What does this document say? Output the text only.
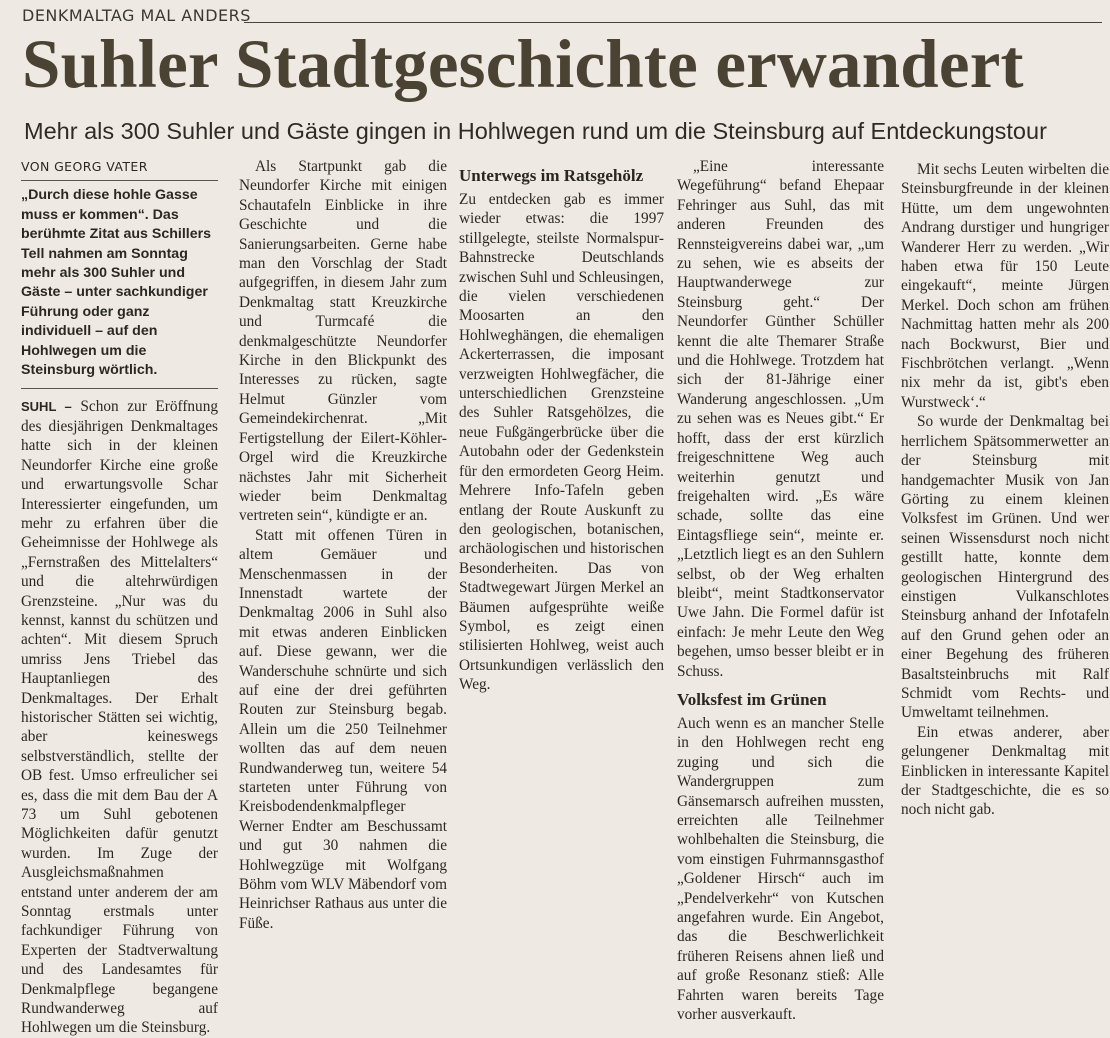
DENKMALTAG MAL ANDERS
Suhler Stadtgeschichte erwandert
Mehr als 300 Suhler und Gäste gingen in Hohlwegen rund um die Steinsburg auf Entdeckungstour
VON GEORG VATER
„Durch diese hohle Gasse muss er kommen“. Das berühmte Zitat aus Schillers Tell nahmen am Sonntag mehr als 300 Suhler und Gäste – unter sachkundiger Führung oder ganz individuell – auf den Hohlwegen um die Steinsburg wörtlich.

SUHL – Schon zur Eröffnung des diesjährigen Denkmaltages hatte sich in der kleinen Neundorfer Kirche eine große und erwartungsvolle Schar Interessierter eingefunden, um mehr zu erfahren über die Geheimnisse der Hohlwege als „Fernstraßen des Mittelalters“ und die altehrwürdigen Grenzsteine. „Nur was du kennst, kannst du schützen und achten“. Mit diesem Spruch umriss Jens Triebel das Hauptanliegen des Denkmaltages. Der Erhalt historischer Stätten sei wichtig, aber keineswegs selbstverständlich, stellte der OB fest. Umso erfreulicher sei es, dass die mit dem Bau der A 73 um Suhl gebotenen Möglichkeiten dafür genutzt wurden. Im Zuge der Ausgleichsmaßnahmen entstand unter anderem der am Sonntag erstmals unter fachkundiger Führung von Experten der Stadtverwaltung und des Landesamtes für Denkmalpflege begangene Rundwanderweg auf Hohlwegen um die Steinsburg.

Als Startpunkt gab die Neundorfer Kirche mit einigen Schautafeln Einblicke in ihre Geschichte und die Sanierungsarbeiten. Gerne habe man den Vorschlag der Stadt aufgegriffen, in diesem Jahr zum Denkmaltag statt Kreuzkirche und Turmcafé die denkmalgeschützte Neundorfer Kirche in den Blickpunkt des Interesses zu rücken, sagte Helmut Günzler vom Gemeindekirchenrat. „Mit Fertigstellung der Eilert-Köhler-Orgel wird die Kreuzkirche nächstes Jahr mit Sicherheit wieder beim Denkmaltag vertreten sein“, kündigte er an.

Statt mit offenen Türen in altem Gemäuer und Menschenmassen in der Innenstadt wartete der Denkmaltag 2006 in Suhl also mit etwas anderen Einblicken auf. Diese gewann, wer die Wanderschuhe schnürte und sich auf eine der drei geführten Routen zur Steinsburg begab. Allein um die 250 Teilnehmer wollten das auf dem neuen Rundwanderweg tun, weitere 54 starteten unter Führung von Kreisbodendenkmalpfleger Werner Endter am Beschussamt und gut 30 nahmen die Hohlwegzüge mit Wolfgang Böhm vom WLV Mäbendorf vom Heinrichser Rathaus aus unter die Füße.

Unterwegs im Ratsgehölz

Zu entdecken gab es immer wieder etwas: die 1997 stillgelegte, steilste Normalspur-Bahnstrecke Deutschlands zwischen Suhl und Schleusingen, die vielen verschiedenen Moosarten an den Hohlweghängen, die ehemaligen Ackerterrassen, die imposant verzweigten Hohlwegfächer, die unterschiedlichen Grenzsteine des Suhler Ratsgehölzes, die neue Fußgängerbrücke über die Autobahn oder der Gedenkstein für den ermordeten Georg Heim. Mehrere Info-Tafeln geben entlang der Route Auskunft zu den geologischen, botanischen, archäologischen und historischen Besonderheiten. Das von Stadtwegewart Jürgen Merkel an Bäumen aufgesprühte weiße Symbol, es zeigt einen stilisierten Hohlweg, weist auch Ortsunkundigen verlässlich den Weg.

„Eine interessante Wegeführung“ befand Ehepaar Fehringer aus Suhl, das mit anderen Freunden des Rennsteigvereins dabei war, „um zu sehen, wie es abseits der Hauptwanderwege zur Steinsburg geht.“ Der Neundorfer Günther Schüller kennt die alte Themarer Straße und die Hohlwege. Trotzdem hat sich der 81-Jährige einer Wanderung angeschlossen. „Um zu sehen was es Neues gibt.“ Er hofft, dass der erst kürzlich freigeschnittene Weg auch weiterhin genutzt und freigehalten wird. „Es wäre schade, sollte das eine Eintagsfliege sein“, meinte er. „Letztlich liegt es an den Suhlern selbst, ob der Weg erhalten bleibt“, meint Stadtkonservator Uwe Jahn. Die Formel dafür ist einfach: Je mehr Leute den Weg begehen, umso besser bleibt er in Schuss.

Volksfest im Grünen

Auch wenn es an mancher Stelle in den Hohlwegen recht eng zuging und sich die Wandergruppen zum Gänsemarsch aufreihen mussten, erreichten alle Teilnehmer wohlbehalten die Steinsburg, die vom einstigen Fuhrmannsgasthof „Goldener Hirsch“ auch im „Pendelverkehr“ von Kutschen angefahren wurde. Ein Angebot, das die Beschwerlichkeit früheren Reisens ahnen ließ und auf große Resonanz stieß: Alle Fahrten waren bereits Tage vorher ausverkauft.

Mit sechs Leuten wirbelten die Steinsburgfreunde in der kleinen Hütte, um dem ungewohnten Andrang durstiger und hungriger Wanderer Herr zu werden. „Wir haben etwa für 150 Leute eingekauft“, meinte Jürgen Merkel. Doch schon am frühen Nachmittag hatten mehr als 200 nach Bockwurst, Bier und Fischbrötchen verlangt. „Wenn nix mehr da ist, gibt's eben Wurstweck‘.“

So wurde der Denkmaltag bei herrlichem Spätsommerwetter an der Steinsburg mit handgemachter Musik von Jan Görting zu einem kleinen Volksfest im Grünen. Und wer seinen Wissensdurst noch nicht gestillt hatte, konnte dem geologischen Hintergrund des einstigen Vulkanschlotes Steinsburg anhand der Infotafeln auf den Grund gehen oder an einer Begehung des früheren Basaltsteinbruchs mit Ralf Schmidt vom Rechts- und Umweltamt teilnehmen.

Ein etwas anderer, aber gelungener Denkmaltag mit Einblicken in interessante Kapitel der Stadtgeschichte, die es so noch nicht gab.
